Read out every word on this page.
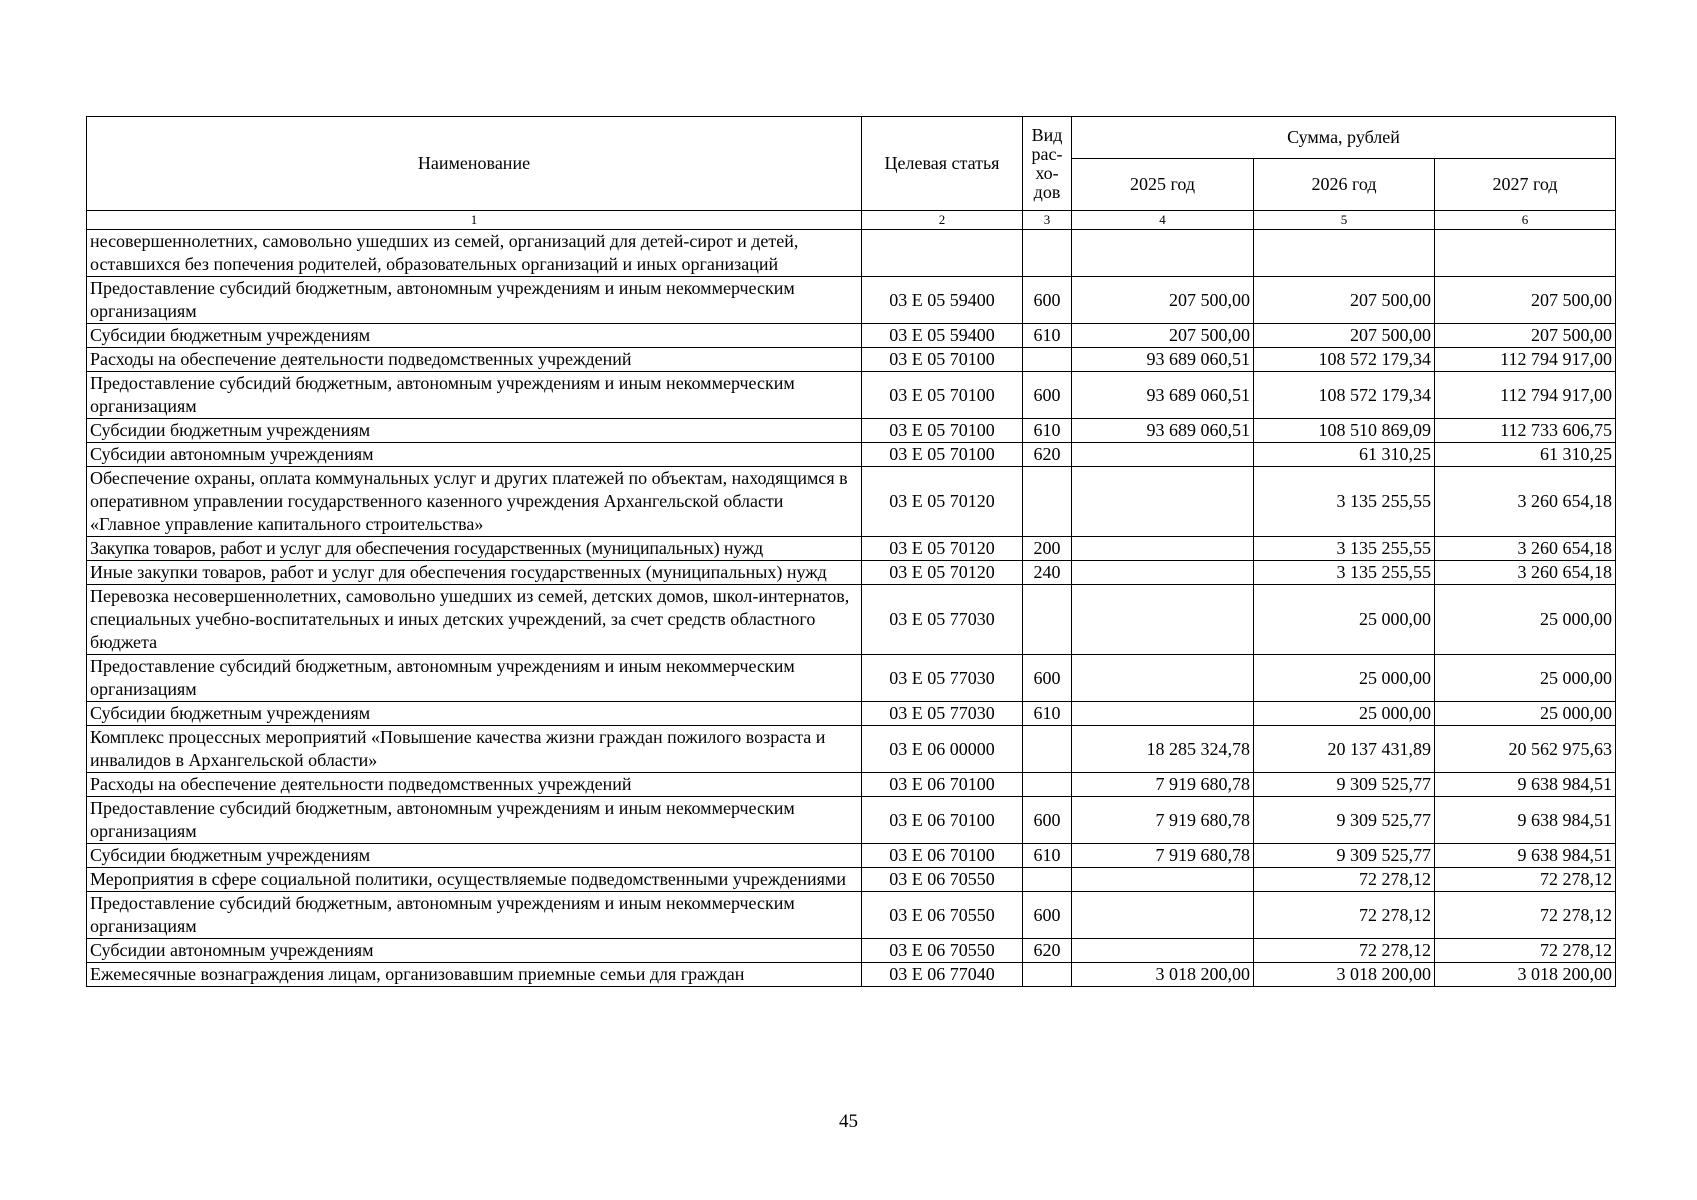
Наименование	Целевая статья	Вид рас- хо- дов	Сумма, рублей		
			2025 год	2026 год	2027 год
1	2	3	4	5	6
несовершеннолетних, самовольно ушедших из семей, организаций для детей-сирот и детей, оставшихся без попечения родителей, образовательных организаций и иных организаций					
Предоставление субсидий бюджетным, автономным учреждениям и иным некоммерческим организациям	03 Е 05 59400	600	207 500,00	207 500,00	207 500,00
Субсидии бюджетным учреждениям	03 Е 05 59400	610	207 500,00	207 500,00	207 500,00
Расходы на обеспечение деятельности подведомственных учреждений	03 Е 05 70100		93 689 060,51	108 572 179,34	112 794 917,00
Предоставление субсидий бюджетным, автономным учреждениям и иным некоммерческим организациям	03 Е 05 70100	600	93 689 060,51	108 572 179,34	112 794 917,00
Субсидии бюджетным учреждениям	03 Е 05 70100	610	93 689 060,51	108 510 869,09	112 733 606,75
Субсидии автономным учреждениям	03 Е 05 70100	620		61 310,25	61 310,25
Обеспечение охраны, оплата коммунальных услуг и других платежей по объектам, находящимся в оперативном управлении государственного казенного учреждения Архангельской области «Главное управление капитального строительства»	03 Е 05 70120			3 135 255,55	3 260 654,18
Закупка товаров, работ и услуг для обеспечения государственных (муниципальных) нужд	03 Е 05 70120	200		3 135 255,55	3 260 654,18
Иные закупки товаров, работ и услуг для обеспечения государственных (муниципальных) нужд	03 Е 05 70120	240		3 135 255,55	3 260 654,18
Перевозка несовершеннолетних, самовольно ушедших из семей, детских домов, школ-интернатов, специальных учебно-воспитательных и иных детских учреждений, за счет средств областного бюджета	03 Е 05 77030			25 000,00	25 000,00
Предоставление субсидий бюджетным, автономным учреждениям и иным некоммерческим организациям	03 Е 05 77030	600		25 000,00	25 000,00
Субсидии бюджетным учреждениям	03 Е 05 77030	610		25 000,00	25 000,00
Комплекс процессных мероприятий «Повышение качества жизни граждан пожилого возраста и инвалидов в Архангельской области»	03 Е 06 00000		18 285 324,78	20 137 431,89	20 562 975,63
Расходы на обеспечение деятельности подведомственных учреждений	03 Е 06 70100		7 919 680,78	9 309 525,77	9 638 984,51
Предоставление субсидий бюджетным, автономным учреждениям и иным некоммерческим организациям	03 Е 06 70100	600	7 919 680,78	9 309 525,77	9 638 984,51
Субсидии бюджетным учреждениям	03 Е 06 70100	610	7 919 680,78	9 309 525,77	9 638 984,51
Мероприятия в сфере социальной политики, осуществляемые подведомственными учреждениями	03 Е 06 70550			72 278,12	72 278,12
Предоставление субсидий бюджетным, автономным учреждениям и иным некоммерческим организациям	03 Е 06 70550	600		72 278,12	72 278,12
Субсидии автономным учреждениям	03 Е 06 70550	620		72 278,12	72 278,12
Ежемесячные вознаграждения лицам, организовавшим приемные семьи для граждан	03 Е 06 77040		3 018 200,00	3 018 200,00	3 018 200,00
45
